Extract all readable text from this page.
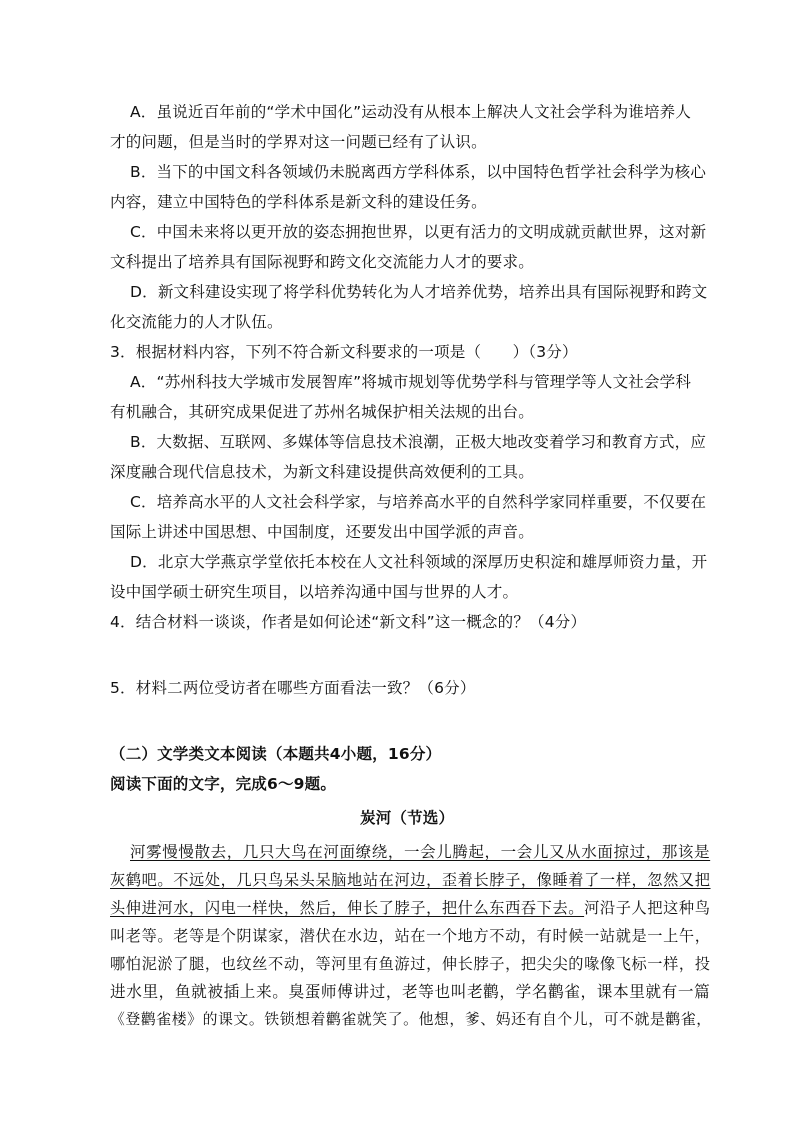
A．虽说近百年前的“学术中国化”运动没有从根本上解决人文社会学科为谁培养人
才的问题，但是当时的学界对这一问题已经有了认识。
B．当下的中国文科各领域仍未脱离西方学科体系，以中国特色哲学社会科学为核心
内容，建立中国特色的学科体系是新文科的建设任务。
C．中国未来将以更开放的姿态拥抱世界，以更有活力的文明成就贡献世界，这对新
文科提出了培养具有国际视野和跨文化交流能力人才的要求。
D．新文科建设实现了将学科优势转化为人才培养优势，培养出具有国际视野和跨文
化交流能力的人才队伍。
3．根据材料内容，下列不符合新文科要求的一项是（　　）（3分）
A．“苏州科技大学城市发展智库”将城市规划等优势学科与管理学等人文社会学科
有机融合，其研究成果促进了苏州名城保护相关法规的出台。
B．大数据、互联网、多媒体等信息技术浪潮，正极大地改变着学习和教育方式，应
深度融合现代信息技术，为新文科建设提供高效便利的工具。
C．培养高水平的人文社会科学家，与培养高水平的自然科学家同样重要，不仅要在
国际上讲述中国思想、中国制度，还要发出中国学派的声音。
D．北京大学燕京学堂依托本校在人文社科领域的深厚历史积淀和雄厚师资力量，开
设中国学硕士研究生项目，以培养沟通中国与世界的人才。
4．结合材料一谈谈，作者是如何论述“新文科”这一概念的？（4分）
5．材料二两位受访者在哪些方面看法一致？（6分）
（二）文学类文本阅读（本题共4小题，16分）
阅读下面的文字，完成6～9题。
炭河（节选）
河雾慢慢散去，几只大鸟在河面缭绕，一会儿腾起，一会儿又从水面掠过，那该是
灰鹤吧。不远处，几只鸟呆头呆脑地站在河边，歪着长脖子，像睡着了一样，忽然又把
头伸进河水，闪电一样快，然后，伸长了脖子，把什么东西吞下去。河沿子人把这种鸟
叫老等。老等是个阴谋家，潜伏在水边，站在一个地方不动，有时候一站就是一上午，
哪怕泥淤了腿，也纹丝不动，等河里有鱼游过，伸长脖子，把尖尖的喙像飞标一样，投
进水里，鱼就被插上来。臭蛋师傅讲过，老等也叫老鹳，学名鹳雀，课本里就有一篇
《登鹳雀楼》的课文。铁锁想着鹳雀就笑了。他想，爹、妈还有自个儿，可不就是鹳雀，
